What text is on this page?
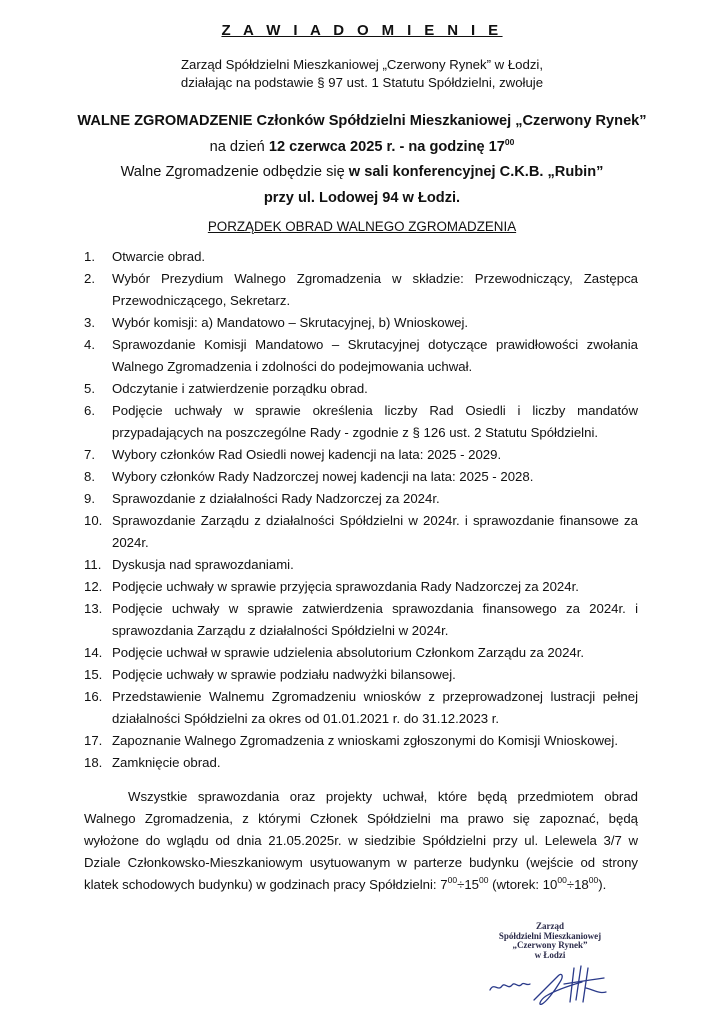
Z A W I A D O M I E N I E
Zarząd Spółdzielni Mieszkaniowej „Czerwony Rynek” w Łodzi,
działając na podstawie § 97 ust. 1 Statutu Spółdzielni, zwołuje
WALNE ZGROMADZENIE Członków Spółdzielni Mieszkaniowej „Czerwony Rynek”
na dzień 12 czerwca 2025 r. - na godzinę $17^{00}$
Walne Zgromadzenie odbędzie się w sali konferencyjnej C.K.B. „Rubin”
przy ul. Lodowej 94 w Łodzi.
PORZĄDEK OBRAD WALNEGO ZGROMADZENIA
1. Otwarcie obrad.
2. Wybór Prezydium Walnego Zgromadzenia w składzie: Przewodniczący, Zastępca Przewodniczącego, Sekretarz.
3. Wybór komisji: a) Mandatowo – Skrutacyjnej, b) Wnioskowej.
4. Sprawozdanie Komisji Mandatowo – Skrutacyjnej dotyczące prawidłowości zwołania Walnego Zgromadzenia i zdolności do podejmowania uchwał.
5. Odczytanie i zatwierdzenie porządku obrad.
6. Podjęcie uchwały w sprawie określenia liczby Rad Osiedli i liczby mandatów przypadających na poszczególne Rady - zgodnie z § 126 ust. 2 Statutu Spółdzielni.
7. Wybory członków Rad Osiedli nowej kadencji na lata: 2025 - 2029.
8. Wybory członków Rady Nadzorczej nowej kadencji na lata: 2025 - 2028.
9. Sprawozdanie z działalności Rady Nadzorczej za 2024r.
10. Sprawozdanie Zarządu z działalności Spółdzielni w 2024r. i sprawozdanie finansowe za 2024r.
11. Dyskusja nad sprawozdaniami.
12. Podjęcie uchwały w sprawie przyjęcia sprawozdania Rady Nadzorczej za 2024r.
13. Podjęcie uchwały w sprawie zatwierdzenia sprawozdania finansowego za 2024r. i sprawozdania Zarządu z działalności Spółdzielni w 2024r.
14. Podjęcie uchwał w sprawie udzielenia absolutorium Członkom Zarządu za 2024r.
15. Podjęcie uchwały w sprawie podziału nadwyżki bilansowej.
16. Przedstawienie Walnemu Zgromadzeniu wniosków z przeprowadzonej lustracji pełnej działalności Spółdzielni za okres od 01.01.2021 r. do 31.12.2023 r.
17. Zapoznanie Walnego Zgromadzenia z wnioskami zgłoszonymi do Komisji Wnioskowej.
18. Zamknięcie obrad.

Wszystkie sprawozdania oraz projekty uchwał, które będą przedmiotem obrad Walnego Zgromadzenia, z którymi Członek Spółdzielni ma prawo się zapoznać, będą wyłożone do wglądu od dnia 21.05.2025r. w siedzibie Spółdzielni przy ul. Lelewela 3/7 w Dziale Członkowsko-Mieszkaniowym usytuowanym w parterze budynku (wejście od strony klatek schodowych budynku) w godzinach pracy Spółdzielni: $7^{00}\div 15^{00}$ (wtorek: $10^{00}\div 18^{00}$).

Zarząd
Spółdzielni Mieszkaniowej
„Czerwony Rynek”
w Łodzi
